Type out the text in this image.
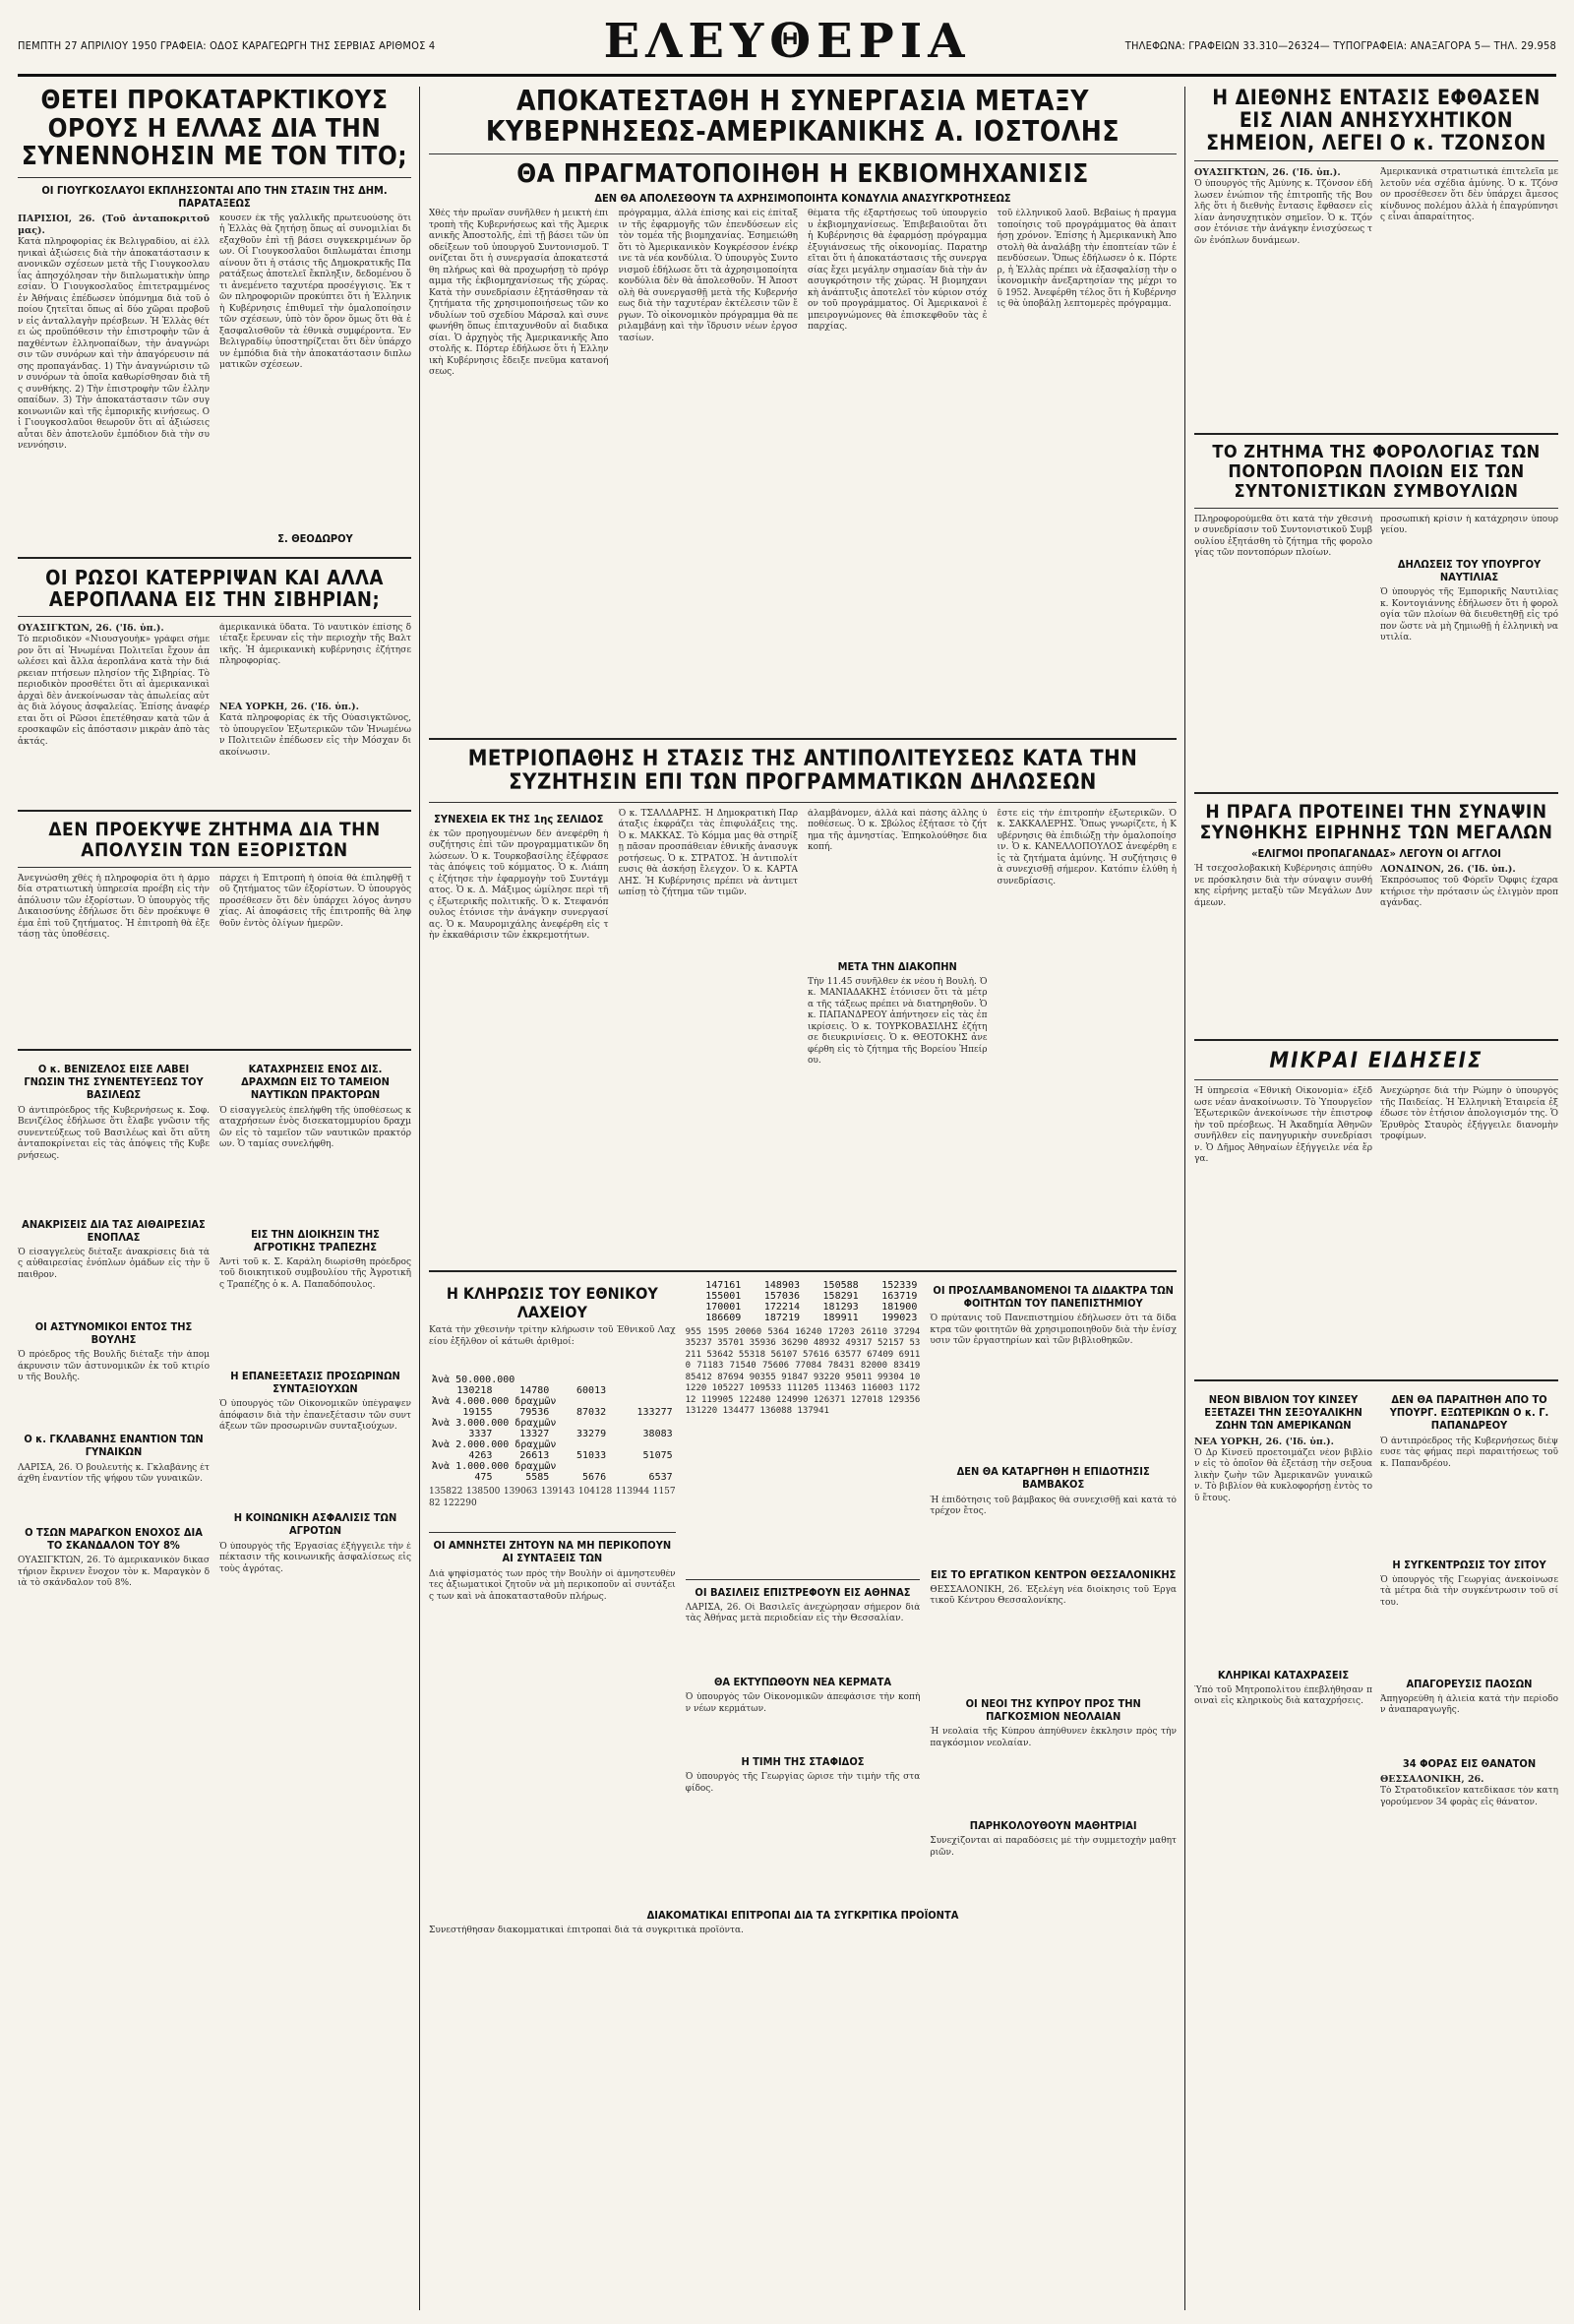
ΠΕΜΠΤΗ 27 ΑΠΡΙΛΙΟΥ 1950 ΓΡΑΦΕΙΑ: ΟΔΟΣ ΚΑΡΑΓΕΩΡΓΗ ΤΗΣ ΣΕΡΒΙΑΣ ΑΡΙΘΜΟΣ 4	ΕΛΕΥΘΕΡΙΑ	ΤΗΛΕΦΩΝΑ: ΓΡΑΦΕΙΩΝ 33.310—26324— ΤΥΠΟΓΡΑΦΕΙΑ: ΑΝΑΞΑΓΟΡΑ 5— ΤΗΛ. 29.958
ΘΕΤΕΙ ΠΡΟΚΑΤΑΡΚΤΙΚΟΥΣ ΟΡΟΥΣ Η ΕΛΛΑΣ ΔΙΑ ΤΗΝ ΣΥΝΕΝΝΟΗΣΙΝ ΜΕ ΤΟΝ ΤΙΤΟ;
ΟΙ ΓΙΟΥΓΚΟΣΛΑΥΟΙ ΕΚΠΛΗΣΣΟΝΤΑΙ ΑΠΟ ΤΗΝ ΣΤΑΣΙΝ ΤΗΣ ΔΗΜ. ΠΑΡΑΤΑΞΕΩΣ
ΠΑΡΙΣΙΟΙ, 26. (Τοῦ ἀνταποκριτοῦ μας).
Κατὰ πληροφορίας ἐκ Βελιγραδίου, αἱ ἑλληνικαὶ ἀξιώσεις διὰ τὴν ἀποκατάστασιν κανονικῶν σχέσεων μετὰ τῆς Γιουγκοσλαυΐας ἀπησχόλησαν τὴν διπλωματικὴν ὑπηρεσίαν. Ὁ Γιουγκοσλαῦος ἐπιτετραμμένος ἐν Ἀθήναις ἐπέδωσεν ὑπόμνημα διὰ τοῦ ὁποίου ζητεῖται ὅπως αἱ δύο χῶραι προβοῦν εἰς ἀνταλλαγὴν πρέσβεων. Ἡ Ἑλλὰς θέτει ὡς προϋπόθεσιν τὴν ἐπιστροφὴν τῶν ἀπαχθέντων ἑλληνοπαίδων, τὴν ἀναγνώρισιν τῶν συνόρων καὶ τὴν ἀπαγόρευσιν πάσης προπαγάνδας. 1) Τὴν ἀναγνώρισιν τῶν συνόρων τὰ ὁποῖα καθωρίσθησαν διὰ τῆς συνθήκης. 2) Τὴν ἐπιστροφὴν τῶν ἑλληνοπαίδων. 3) Τὴν ἀποκατάστασιν τῶν συγκοινωνιῶν καὶ τῆς ἐμπορικῆς κινήσεως. Οἱ Γιουγκοσλαῦοι θεωροῦν ὅτι αἱ ἀξιώσεις αὗται δὲν ἀποτελοῦν ἐμπόδιον διὰ τὴν συνεννόησιν.
κουσεν ἐκ τῆς γαλλικῆς πρωτευούσης ὅτι ἡ Ἑλλὰς θὰ ζητήσῃ ὅπως αἱ συνομιλίαι διεξαχθοῦν ἐπὶ τῇ βάσει συγκεκριμένων ὅρων. Οἱ Γιουγκοσλαῦοι διπλωμάται ἐπισημαίνουν ὅτι ἡ στάσις τῆς Δημοκρατικῆς Παρατάξεως ἀποτελεῖ ἔκπληξιν, δεδομένου ὅτι ἀνεμένετο ταχυτέρα προσέγγισις. Ἐκ τῶν πληροφοριῶν προκύπτει ὅτι ἡ Ἑλληνικὴ Κυβέρνησις ἐπιθυμεῖ τὴν ὁμαλοποίησιν τῶν σχέσεων, ὑπὸ τὸν ὅρον ὅμως ὅτι θὰ ἐξασφαλισθοῦν τὰ ἐθνικὰ συμφέροντα. Ἐν Βελιγραδίῳ ὑποστηρίζεται ὅτι δὲν ὑπάρχουν ἐμπόδια διὰ τὴν ἀποκατάστασιν διπλωματικῶν σχέσεων.
Σ. ΘΕΟΔΩΡΟΥ
ΟΙ ΡΩΣΟΙ ΚΑΤΕΡΡΙΨΑΝ ΚΑΙ ΑΛΛΑ ΑΕΡΟΠΛΑΝΑ ΕΙΣ ΤΗΝ ΣΙΒΗΡΙΑΝ;
ΟΥΑΣΙΓΚΤΩΝ, 26. ('Ιδ. ὑπ.).
Τὸ περιοδικὸν «Νιουσγουὴκ» γράφει σήμερον ὅτι αἱ Ἡνωμέναι Πολιτεῖαι ἔχουν ἀπωλέσει καὶ ἄλλα ἀεροπλάνα κατὰ τὴν διάρκειαν πτήσεων πλησίον τῆς Σιβηρίας. Τὸ περιοδικὸν προσθέτει ὅτι αἱ ἀμερικανικαὶ ἀρχαὶ δὲν ἀνεκοίνωσαν τὰς ἀπωλείας αὐτὰς διὰ λόγους ἀσφαλείας. Ἐπίσης ἀναφέρεται ὅτι οἱ Ρῶσοι ἐπετέθησαν κατὰ τῶν ἀεροσκαφῶν εἰς ἀπόστασιν μικρὰν ἀπὸ τὰς ἀκτάς.
ἀμερικανικὰ ὕδατα. Τὸ ναυτικὸν ἐπίσης διέταξε ἔρευναν εἰς τὴν περιοχὴν τῆς Βαλτικῆς. Ἡ ἀμερικανικὴ κυβέρνησις ἐζήτησε πληροφορίας.
ΝΕΑ ΥΟΡΚΗ, 26. ('Ιδ. ὑπ.).
Κατὰ πληροφορίας ἐκ τῆς Οὐασιγκτῶνος, τὸ ὑπουργεῖον Ἐξωτερικῶν τῶν Ἡνωμένων Πολιτειῶν ἐπέδωσεν εἰς τὴν Μόσχαν διακοίνωσιν.
ΔΕΝ ΠΡΟΕΚΥΨΕ ΖΗΤΗΜΑ ΔΙΑ ΤΗΝ ΑΠΟΛΥΣΙΝ ΤΩΝ ΕΞΟΡΙΣΤΩΝ
Ἀνεγνώσθη χθὲς ἡ πληροφορία ὅτι ἡ ἀρμοδία στρατιωτικὴ ὑπηρεσία προέβη εἰς τὴν ἀπόλυσιν τῶν ἐξορίστων. Ὁ ὑπουργὸς τῆς Δικαιοσύνης ἐδήλωσε ὅτι δὲν προέκυψε θέμα ἐπὶ τοῦ ζητήματος. Ἡ ἐπιτροπὴ θὰ ἐξετάσῃ τὰς ὑποθέσεις.
πάρχει ἡ Ἐπιτροπὴ ἡ ὁποία θὰ ἐπιληφθῇ τοῦ ζητήματος τῶν ἐξορίστων. Ὁ ὑπουργὸς προσέθεσεν ὅτι δὲν ὑπάρχει λόγος ἀνησυχίας. Αἱ ἀποφάσεις τῆς ἐπιτροπῆς θὰ ληφθοῦν ἐντὸς ὀλίγων ἡμερῶν.
Ο κ. ΒΕΝΙΖΕΛΟΣ ΕΙΣΕ ΛΑΒΕΙ ΓΝΩΣΙΝ ΤΗΣ ΣΥΝΕΝΤΕΥΞΕΩΣ ΤΟΥ ΒΑΣΙΛΕΩΣ
Ὁ ἀντιπρόεδρος τῆς Κυβερνήσεως κ. Σοφ. Βενιζέλος ἐδήλωσε ὅτι ἔλαβε γνῶσιν τῆς συνεντεύξεως τοῦ Βασιλέως καὶ ὅτι αὕτη ἀνταποκρίνεται εἰς τὰς ἀπόψεις τῆς Κυβερνήσεως.
ΑΝΑΚΡΙΣΕΙΣ ΔΙΑ ΤΑΣ ΑΙΘΑΙΡΕΣΙΑΣ ΕΝΟΠΛΑΣ
Ὁ εἰσαγγελεὺς διέταξε ἀνακρίσεις διὰ τὰς αὐθαιρεσίας ἐνόπλων ὁμάδων εἰς τὴν ὕπαιθρον.
ΟΙ ΑΣΤΥΝΟΜΙΚΟΙ ΕΝΤΟΣ ΤΗΣ ΒΟΥΛΗΣ
Ὁ πρόεδρος τῆς Βουλῆς διέταξε τὴν ἀπομάκρυνσιν τῶν ἀστυνομικῶν ἐκ τοῦ κτιρίου τῆς Βουλῆς.
Ο κ. ΓΚΛΑΒΑΝΗΣ ΕΝΑΝΤΙΟΝ ΤΩΝ ΓΥΝΑΙΚΩΝ
ΛΑΡΙΣΑ, 26. Ὁ βουλευτὴς κ. Γκλαβάνης ἐτάχθη ἐναντίον τῆς ψήφου τῶν γυναικῶν.
Ο ΤΣΩΝ ΜΑΡΑΓΚΟΝ ΕΝΟΧΟΣ ΔΙΑ ΤΟ ΣΚΑΝΔΑΛΟΝ ΤΟΥ 8%
ΟΥΑΣΙΓΚΤΩΝ, 26. Τὸ ἀμερικανικὸν δικαστήριον ἔκρινεν ἔνοχον τὸν κ. Μαραγκὸν διὰ τὸ σκάνδαλον τοῦ 8%.
ΚΑΤΑΧΡΗΣΕΙΣ ΕΝΟΣ ΔΙΣ. ΔΡΑΧΜΩΝ ΕΙΣ ΤΟ ΤΑΜΕΙΟΝ ΝΑΥΤΙΚΩΝ ΠΡΑΚΤΟΡΩΝ
Ὁ εἰσαγγελεὺς ἐπελήφθη τῆς ὑποθέσεως καταχρήσεων ἑνὸς δισεκατομμυρίου δραχμῶν εἰς τὸ ταμεῖον τῶν ναυτικῶν πρακτόρων. Ὁ ταμίας συνελήφθη.
ΕΙΣ ΤΗΝ ΔΙΟΙΚΗΣΙΝ ΤΗΣ ΑΓΡΟΤΙΚΗΣ ΤΡΑΠΕΖΗΣ
Ἀντὶ τοῦ κ. Σ. Καράλη διωρίσθη πρόεδρος τοῦ διοικητικοῦ συμβουλίου τῆς Ἀγροτικῆς Τραπέζης ὁ κ. Α. Παπαδόπουλος.
Η ΕΠΑΝΕΞΕΤΑΣΙΣ ΠΡΟΣΩΡΙΝΩΝ ΣΥΝΤΑΞΙΟΥΧΩΝ
Ὁ ὑπουργὸς τῶν Οἰκονομικῶν ὑπέγραψεν ἀπόφασιν διὰ τὴν ἐπανεξέτασιν τῶν συντάξεων τῶν προσωρινῶν συνταξιούχων.
Η ΚΟΙΝΩΝΙΚΗ ΑΣΦΑΛΙΣΙΣ ΤΩΝ ΑΓΡΟΤΩΝ
Ὁ ὑπουργὸς τῆς Ἐργασίας ἐξήγγειλε τὴν ἐπέκτασιν τῆς κοινωνικῆς ἀσφαλίσεως εἰς τοὺς ἀγρότας.
ΑΠΟΚΑΤΕΣΤΑΘΗ Η ΣΥΝΕΡΓΑΣΙΑ ΜΕΤΑΞΥ ΚΥΒΕΡΝΗΣΕΩΣ-ΑΜΕΡΙΚΑΝΙΚΗΣ Α. ΙΟΣΤΟΛΗΣ
ΘΑ ΠΡΑΓΜΑΤΟΠΟΙΗΘΗ Η ΕΚΒΙΟΜΗΧΑΝΙΣΙΣ
ΔΕΝ ΘΑ ΑΠΟΛΕΣΘΟΥΝ ΤΑ ΑΧΡΗΣΙΜΟΠΟΙΗΤΑ ΚΟΝΔΥΛΙΑ ΑΝΑΣΥΓΚΡΟΤΗΣΕΩΣ
Χθὲς τὴν πρωΐαν συνῆλθεν ἡ μεικτὴ ἐπιτροπὴ τῆς Κυβερνήσεως καὶ τῆς Ἀμερικανικῆς Ἀποστολῆς, ἐπὶ τῇ βάσει τῶν ὑποδείξεων τοῦ ὑπουργοῦ Συντονισμοῦ. Τονίζεται ὅτι ἡ συνεργασία ἀποκατεστάθη πλήρως καὶ θὰ προχωρήσῃ τὸ πρόγραμμα τῆς ἐκβιομηχανίσεως τῆς χώρας. Κατὰ τὴν συνεδρίασιν ἐξητάσθησαν τὰ ζητήματα τῆς χρησιμοποιήσεως τῶν κονδυλίων τοῦ σχεδίου Μάρσαλ καὶ συνεφωνήθη ὅπως ἐπιταχυνθοῦν αἱ διαδικασίαι. Ὁ ἀρχηγὸς τῆς Ἀμερικανικῆς Ἀποστολῆς κ. Πόρτερ ἐδήλωσε ὅτι ἡ Ἑλληνικὴ Κυβέρνησις ἔδειξε πνεῦμα κατανοήσεως.
πρόγραμμα, ἀλλὰ ἐπίσης καὶ εἰς ἐπίταξιν τῆς ἐφαρμογῆς τῶν ἐπενδύσεων εἰς τὸν τομέα τῆς βιομηχανίας. Ἐσημειώθη ὅτι τὸ Ἀμερικανικὸν Κογκρέσσον ἐνέκρινε τὰ νέα κονδύλια. Ὁ ὑπουργὸς Συντονισμοῦ ἐδήλωσε ὅτι τὰ ἀχρησιμοποίητα κονδύλια δὲν θὰ ἀπολεσθοῦν. Ἡ Ἀποστολὴ θὰ συνεργασθῇ μετὰ τῆς Κυβερνήσεως διὰ τὴν ταχυτέραν ἐκτέλεσιν τῶν ἔργων. Τὸ οἰκονομικὸν πρόγραμμα θὰ περιλαμβάνῃ καὶ τὴν ἵδρυσιν νέων ἐργοστασίων.
θέματα τῆς ἐξαρτήσεως τοῦ ὑπουργείου ἐκβιομηχανίσεως. Ἐπιβεβαιοῦται ὅτι ἡ Κυβέρνησις θὰ ἐφαρμόσῃ πρόγραμμα ἐξυγιάνσεως τῆς οἰκονομίας. Παρατηρεῖται ὅτι ἡ ἀποκατάστασις τῆς συνεργασίας ἔχει μεγάλην σημασίαν διὰ τὴν ἀνασυγκρότησιν τῆς χώρας. Ἡ βιομηχανικὴ ἀνάπτυξις ἀποτελεῖ τὸν κύριον στόχον τοῦ προγράμματος. Οἱ Ἀμερικανοὶ ἐμπειρογνώμονες θὰ ἐπισκεφθοῦν τὰς ἐπαρχίας.
τοῦ ἑλληνικοῦ λαοῦ. Βεβαίως ἡ πραγματοποίησις τοῦ προγράμματος θὰ ἀπαιτήσῃ χρόνον. Ἐπίσης ἡ Ἀμερικανικὴ Ἀποστολὴ θὰ ἀναλάβῃ τὴν ἐποπτείαν τῶν ἐπενδύσεων. Ὅπως ἐδήλωσεν ὁ κ. Πόρτερ, ἡ Ἑλλὰς πρέπει νὰ ἐξασφαλίσῃ τὴν οἰκονομικὴν ἀνεξαρτησίαν της μέχρι τοῦ 1952. Ἀνεφέρθη τέλος ὅτι ἡ Κυβέρνησις θὰ ὑποβάλῃ λεπτομερὲς πρόγραμμα.
ΜΕΤΡΙΟΠΑΘΗΣ Η ΣΤΑΣΙΣ ΤΗΣ ΑΝΤΙΠΟΛΙΤΕΥΣΕΩΣ ΚΑΤΑ ΤΗΝ ΣΥΖΗΤΗΣΙΝ ΕΠΙ ΤΩΝ ΠΡΟΓΡΑΜΜΑΤΙΚΩΝ ΔΗΛΩΣΕΩΝ
ΣΥΝΕΧΕΙΑ ΕΚ ΤΗΣ 1ης ΣΕΛΙΔΟΣ
ἐκ τῶν προηγουμένων δὲν ἀνεφέρθη ἡ συζήτησις ἐπὶ τῶν προγραμματικῶν δηλώσεων. Ὁ κ. Τουρκοβασίλης ἐξέφρασε τὰς ἀπόψεις τοῦ κόμματος. Ὁ κ. Λιάπης ἐζήτησε τὴν ἐφαρμογὴν τοῦ Συντάγματος. Ὁ κ. Δ. Μάξιμος ὡμίλησε περὶ τῆς ἐξωτερικῆς πολιτικῆς. Ὁ κ. Στεφανόπουλος ἐτόνισε τὴν ἀνάγκην συνεργασίας. Ὁ κ. Μαυρομιχάλης ἀνεφέρθη εἰς τὴν ἐκκαθάρισιν τῶν ἐκκρεμοτήτων.
Ὁ κ. ΤΣΑΛΔΑΡΗΣ. Ἡ Δημοκρατικὴ Παράταξις ἐκφράζει τὰς ἐπιφυλάξεις της. Ὁ κ. ΜΑΚΚΑΣ. Τὸ Κόμμα μας θὰ στηρίξῃ πᾶσαν προσπάθειαν ἐθνικῆς ἀνασυγκροτήσεως. Ὁ κ. ΣΤΡΑΤΟΣ. Ἡ ἀντιπολίτευσις θὰ ἀσκήσῃ ἔλεγχον. Ὁ κ. ΚΑΡΤΑΛΗΣ. Ἡ Κυβέρνησις πρέπει νὰ ἀντιμετωπίσῃ τὸ ζήτημα τῶν τιμῶν.
ἀλαμβάνομεν, ἀλλὰ καὶ πάσης ἄλλης ὑποθέσεως. Ὁ κ. Σβώλος ἐξήτασε τὸ ζήτημα τῆς ἀμνηστίας. Ἐπηκολούθησε διακοπή.
ΜΕΤΑ ΤΗΝ ΔΙΑΚΟΠΗΝ
Τὴν 11.45 συνῆλθεν ἐκ νέου ἡ Βουλή. Ὁ κ. ΜΑΝΙΑΔΑΚΗΣ ἐτόνισεν ὅτι τὰ μέτρα τῆς τάξεως πρέπει νὰ διατηρηθοῦν. Ὁ κ. ΠΑΠΑΝΔΡΕΟΥ ἀπήντησεν εἰς τὰς ἐπικρίσεις. Ὁ κ. ΤΟΥΡΚΟΒΑΣΙΛΗΣ ἐζήτησε διευκρινίσεις. Ὁ κ. ΘΕΟΤΟΚΗΣ ἀνεφέρθη εἰς τὸ ζήτημα τῆς Βορείου Ἠπείρου.
ἔστε εἰς τὴν ἐπιτροπὴν ἐξωτερικῶν. Ὁ κ. ΣΑΚΚΑΛΕΡΗΣ. Ὅπως γνωρίζετε, ἡ Κυβέρνησις θὰ ἐπιδιώξῃ τὴν ὁμαλοποίησιν. Ὁ κ. ΚΑΝΕΛΛΟΠΟΥΛΟΣ ἀνεφέρθη εἰς τὰ ζητήματα ἀμύνης. Ἡ συζήτησις θὰ συνεχισθῇ σήμερον. Κατόπιν ἐλύθη ἡ συνεδρίασις.
Η ΚΛΗΡΩΣΙΣ ΤΟΥ ΕΘΝΙΚΟΥ ΛΑΧΕΙΟΥ
Κατὰ τὴν χθεσινὴν τρίτην κλήρωσιν τοῦ Ἐθνικοῦ Λαχείου ἐξῆλθον οἱ κάτωθι ἀριθμοί:
Ἀνὰ 50.000.000			
130218	14780	60013	
Ἀνὰ 4.000.000 δραχμῶν			
19155	79536	87032	133277
Ἀνὰ 3.000.000 δραχμῶν			
3337	13327	33279	38083
Ἀνὰ 2.000.000 δραχμῶν			
4263	26613	51033	51075
Ἀνὰ 1.000.000 δραχμῶν			
475	5585	5676	6537
135822 138500 139063 139143 104128 113944 115782 122290
ΟΙ ΑΜΝΗΣΤΕΙ ΖΗΤΟΥΝ ΝΑ ΜΗ ΠΕΡΙΚΟΠΟΥΝ ΑΙ ΣΥΝΤΑΞΕΙΣ ΤΩΝ
Διὰ ψηφίσματός των πρὸς τὴν Βουλὴν οἱ ἀμνηστευθέντες ἀξιωματικοὶ ζητοῦν νὰ μὴ περικοποῦν αἱ συντάξεις των καὶ νὰ ἀποκατασταθοῦν πλήρως.
147161	148903	150588	152339
155001	157036	158291	163719
170001	172214	181293	181900
186609	187219	189911	199023
955 1595 20060 5364 16240 17203 26110 37294 35237 35701 35936 36290 48932 49317 52157 53211 53642 55318 56107 57616 63577 67409 69110 71183 71540 75606 77084 78431 82000 83419 85412 87694 90355 91847 93220 95011 99304 101220 105227 109533 111205 113463 116003 117212 119905 122480 124990 126371 127018 129356 131220 134477 136088 137941
ΟΙ ΒΑΣΙΛΕΙΣ ΕΠΙΣΤΡΕΦΟΥΝ ΕΙΣ ΑΘΗΝΑΣ
ΛΑΡΙΣΑ, 26. Οἱ Βασιλεῖς ἀνεχώρησαν σήμερον διὰ τὰς Ἀθήνας μετὰ περιοδείαν εἰς τὴν Θεσσαλίαν.
ΘΑ ΕΚΤΥΠΩΘΟΥΝ ΝΕΑ ΚΕΡΜΑΤΑ
Ὁ ὑπουργὸς τῶν Οἰκονομικῶν ἀπεφάσισε τὴν κοπὴν νέων κερμάτων.
Η ΤΙΜΗ ΤΗΣ ΣΤΑΦΙΔΟΣ
Ὁ ὑπουργὸς τῆς Γεωργίας ὥρισε τὴν τιμὴν τῆς σταφίδος.
ΟΙ ΠΡΟΣΛΑΜΒΑΝΟΜΕΝΟΙ ΤΑ ΔΙΔΑΚΤΡΑ ΤΩΝ ΦΟΙΤΗΤΩΝ ΤΟΥ ΠΑΝΕΠΙΣΤΗΜΙΟΥ
Ὁ πρύτανις τοῦ Πανεπιστημίου ἐδήλωσεν ὅτι τὰ δίδακτρα τῶν φοιτητῶν θὰ χρησιμοποιηθοῦν διὰ τὴν ἐνίσχυσιν τῶν ἐργαστηρίων καὶ τῶν βιβλιοθηκῶν.
ΔΕΝ ΘΑ ΚΑΤΑΡΓΗΘΗ Η ΕΠΙΔΟΤΗΣΙΣ ΒΑΜΒΑΚΟΣ
Ἡ ἐπιδότησις τοῦ βάμβακος θὰ συνεχισθῇ καὶ κατὰ τὸ τρέχον ἔτος.
ΕΙΣ ΤΟ ΕΡΓΑΤΙΚΟΝ ΚΕΝΤΡΟΝ ΘΕΣΣΑΛΟΝΙΚΗΣ
ΘΕΣΣΑΛΟΝΙΚΗ, 26. Ἐξελέγη νέα διοίκησις τοῦ Ἐργατικοῦ Κέντρου Θεσσαλονίκης.
ΟΙ ΝΕΟΙ ΤΗΣ ΚΥΠΡΟΥ ΠΡΟΣ ΤΗΝ ΠΑΓΚΟΣΜΙΟΝ ΝΕΟΛΑΙΑΝ
Ἡ νεολαία τῆς Κύπρου ἀπηύθυνεν ἔκκλησιν πρὸς τὴν παγκόσμιον νεολαίαν.
ΠΑΡΗΚΟΛΟΥΘΟΥΝ ΜΑΘΗΤΡΙΑΙ
Συνεχίζονται αἱ παραδόσεις μὲ τὴν συμμετοχὴν μαθητριῶν.
ΔΙΑΚΟΜΑΤΙΚΑΙ ΕΠΙΤΡΟΠΑΙ ΔΙΑ ΤΑ ΣΥΓΚΡΙΤΙΚΑ ΠΡΟΪΟΝΤΑ
Συνεστήθησαν διακομματικαὶ ἐπιτροπαὶ διὰ τὰ συγκριτικὰ προϊόντα.
Η ΔΙΕΘΝΗΣ ΕΝΤΑΣΙΣ ΕΦΘΑΣΕΝ ΕΙΣ ΛΙΑΝ ΑΝΗΣΥΧΗΤΙΚΟΝ ΣΗΜΕΙΟΝ, ΛΕΓΕΙ Ο κ. ΤΖΟΝΣΟΝ
ΟΥΑΣΙΓΚΤΩΝ, 26. ('Ιδ. ὑπ.).
Ὁ ὑπουργὸς τῆς Ἀμύνης κ. Τζόνσον ἐδήλωσεν ἐνώπιον τῆς ἐπιτροπῆς τῆς Βουλῆς ὅτι ἡ διεθνὴς ἔντασις ἔφθασεν εἰς λίαν ἀνησυχητικὸν σημεῖον. Ὁ κ. Τζόνσον ἐτόνισε τὴν ἀνάγκην ἐνισχύσεως τῶν ἐνόπλων δυνάμεων.
Ἀμερικανικὰ στρατιωτικὰ ἐπιτελεῖα μελετοῦν νέα σχέδια ἀμύνης. Ὁ κ. Τζόνσον προσέθεσεν ὅτι δὲν ὑπάρχει ἄμεσος κίνδυνος πολέμου ἀλλὰ ἡ ἐπαγρύπνησις εἶναι ἀπαραίτητος.
ΤΟ ΖΗΤΗΜΑ ΤΗΣ ΦΟΡΟΛΟΓΙΑΣ ΤΩΝ ΠΟΝΤΟΠΟΡΩΝ ΠΛΟΙΩΝ ΕΙΣ ΤΩΝ ΣΥΝΤΟΝΙΣΤΙΚΩΝ ΣΥΜΒΟΥΛΙΩΝ
Πληροφορούμεθα ὅτι κατὰ τὴν χθεσινὴν συνεδρίασιν τοῦ Συντονιστικοῦ Συμβουλίου ἐξητάσθη τὸ ζήτημα τῆς φορολογίας τῶν ποντοπόρων πλοίων.
προσωπική κρίσιν ἡ κατάχρησιν ὑπουργείου.
ΔΗΛΩΣΕΙΣ ΤΟΥ ΥΠΟΥΡΓΟΥ ΝΑΥΤΙΛΙΑΣ
Ὁ ὑπουργὸς τῆς Ἐμπορικῆς Ναυτιλίας κ. Κοντογιάννης ἐδήλωσεν ὅτι ἡ φορολογία τῶν πλοίων θὰ διευθετηθῇ εἰς τρόπον ὥστε νὰ μὴ ζημιωθῇ ἡ ἑλληνικὴ ναυτιλία.
Η ΠΡΑΓΑ ΠΡΟΤΕΙΝΕΙ ΤΗΝ ΣΥΝΑΨΙΝ ΣΥΝΘΗΚΗΣ ΕΙΡΗΝΗΣ ΤΩΝ ΜΕΓΑΛΩΝ
«ΕΛΙΓΜΟΙ ΠΡΟΠΑΓΑΝΔΑΣ» ΛΕΓΟΥΝ ΟΙ ΑΓΓΛΟΙ
Ἡ τσεχοσλοβακικὴ Κυβέρνησις ἀπηύθυνε πρόσκλησιν διὰ τὴν σύναψιν συνθήκης εἰρήνης μεταξὺ τῶν Μεγάλων Δυνάμεων.
ΛΟΝΔΙΝΟΝ, 26. ('Ιδ. ὑπ.).
Ἐκπρόσωπος τοῦ Φόρεϊν Ὄφφις ἐχαρακτήρισε τὴν πρότασιν ὡς ἐλιγμὸν προπαγάνδας.
ΜΙΚΡΑΙ ΕΙΔΗΣΕΙΣ
Ἡ ὑπηρεσία «Ἐθνικὴ Οἰκονομία» ἐξέδωσε νέαν ἀνακοίνωσιν. Τὸ Ὑπουργεῖον Ἐξωτερικῶν ἀνεκοίνωσε τὴν ἐπιστροφὴν τοῦ πρέσβεως. Ἡ Ἀκαδημία Ἀθηνῶν συνῆλθεν εἰς πανηγυρικὴν συνεδρίασιν. Ὁ Δῆμος Ἀθηναίων ἐξήγγειλε νέα ἔργα.
Ἀνεχώρησε διὰ τὴν Ρώμην ὁ ὑπουργὸς τῆς Παιδείας. Ἡ Ἑλληνικὴ Ἐταιρεία ἐξέδωσε τὸν ἐτήσιον ἀπολογισμόν της. Ὁ Ἐρυθρὸς Σταυρὸς ἐξήγγειλε διανομὴν τροφίμων.
ΝΕΟΝ ΒΙΒΛΙΟΝ ΤΟΥ ΚΙΝΣΕΥ ΕΞΕΤΑΖΕΙ ΤΗΝ ΣΕΞΟΥΑΛΙΚΗΝ ΖΩΗΝ ΤΩΝ ΑΜΕΡΙΚΑΝΩΝ
ΝΕΑ ΥΟΡΚΗ, 26. ('Ιδ. ὑπ.).
Ὁ Δρ Κίνσεϋ προετοιμάζει νέον βιβλίον εἰς τὸ ὁποῖον θὰ ἐξετάσῃ τὴν σεξουαλικὴν ζωὴν τῶν Ἀμερικανῶν γυναικῶν. Τὸ βιβλίον θὰ κυκλοφορήσῃ ἐντὸς τοῦ ἔτους.
ΚΛΗΡΙΚΑΙ ΚΑΤΑΧΡΑΣΕΙΣ
Ὑπὸ τοῦ Μητροπολίτου ἐπεβλήθησαν ποιναὶ εἰς κληρικοὺς διὰ καταχρήσεις.
ΔΕΝ ΘΑ ΠΑΡΑΙΤΗΘΗ ΑΠΟ ΤΟ ΥΠΟΥΡΓ. ΕΞΩΤΕΡΙΚΩΝ Ο κ. Γ. ΠΑΠΑΝΔΡΕΟΥ
Ὁ ἀντιπρόεδρος τῆς Κυβερνήσεως διέψευσε τὰς φήμας περὶ παραιτήσεως τοῦ κ. Παπανδρέου.
Η ΣΥΓΚΕΝΤΡΩΣΙΣ ΤΟΥ ΣΙΤΟΥ
Ὁ ὑπουργὸς τῆς Γεωργίας ἀνεκοίνωσε τὰ μέτρα διὰ τὴν συγκέντρωσιν τοῦ σίτου.
ΑΠΑΓΟΡΕΥΣΙΣ ΠΑΟΣΩΝ
Ἀπηγορεύθη ἡ ἁλιεία κατὰ τὴν περίοδον ἀναπαραγωγῆς.
34 ΦΟΡΑΣ ΕΙΣ ΘΑΝΑΤΟΝ
ΘΕΣΣΑΛΟΝΙΚΗ, 26.
Τὸ Στρατοδικεῖον κατεδίκασε τὸν κατηγορούμενον 34 φορὰς εἰς θάνατον.
